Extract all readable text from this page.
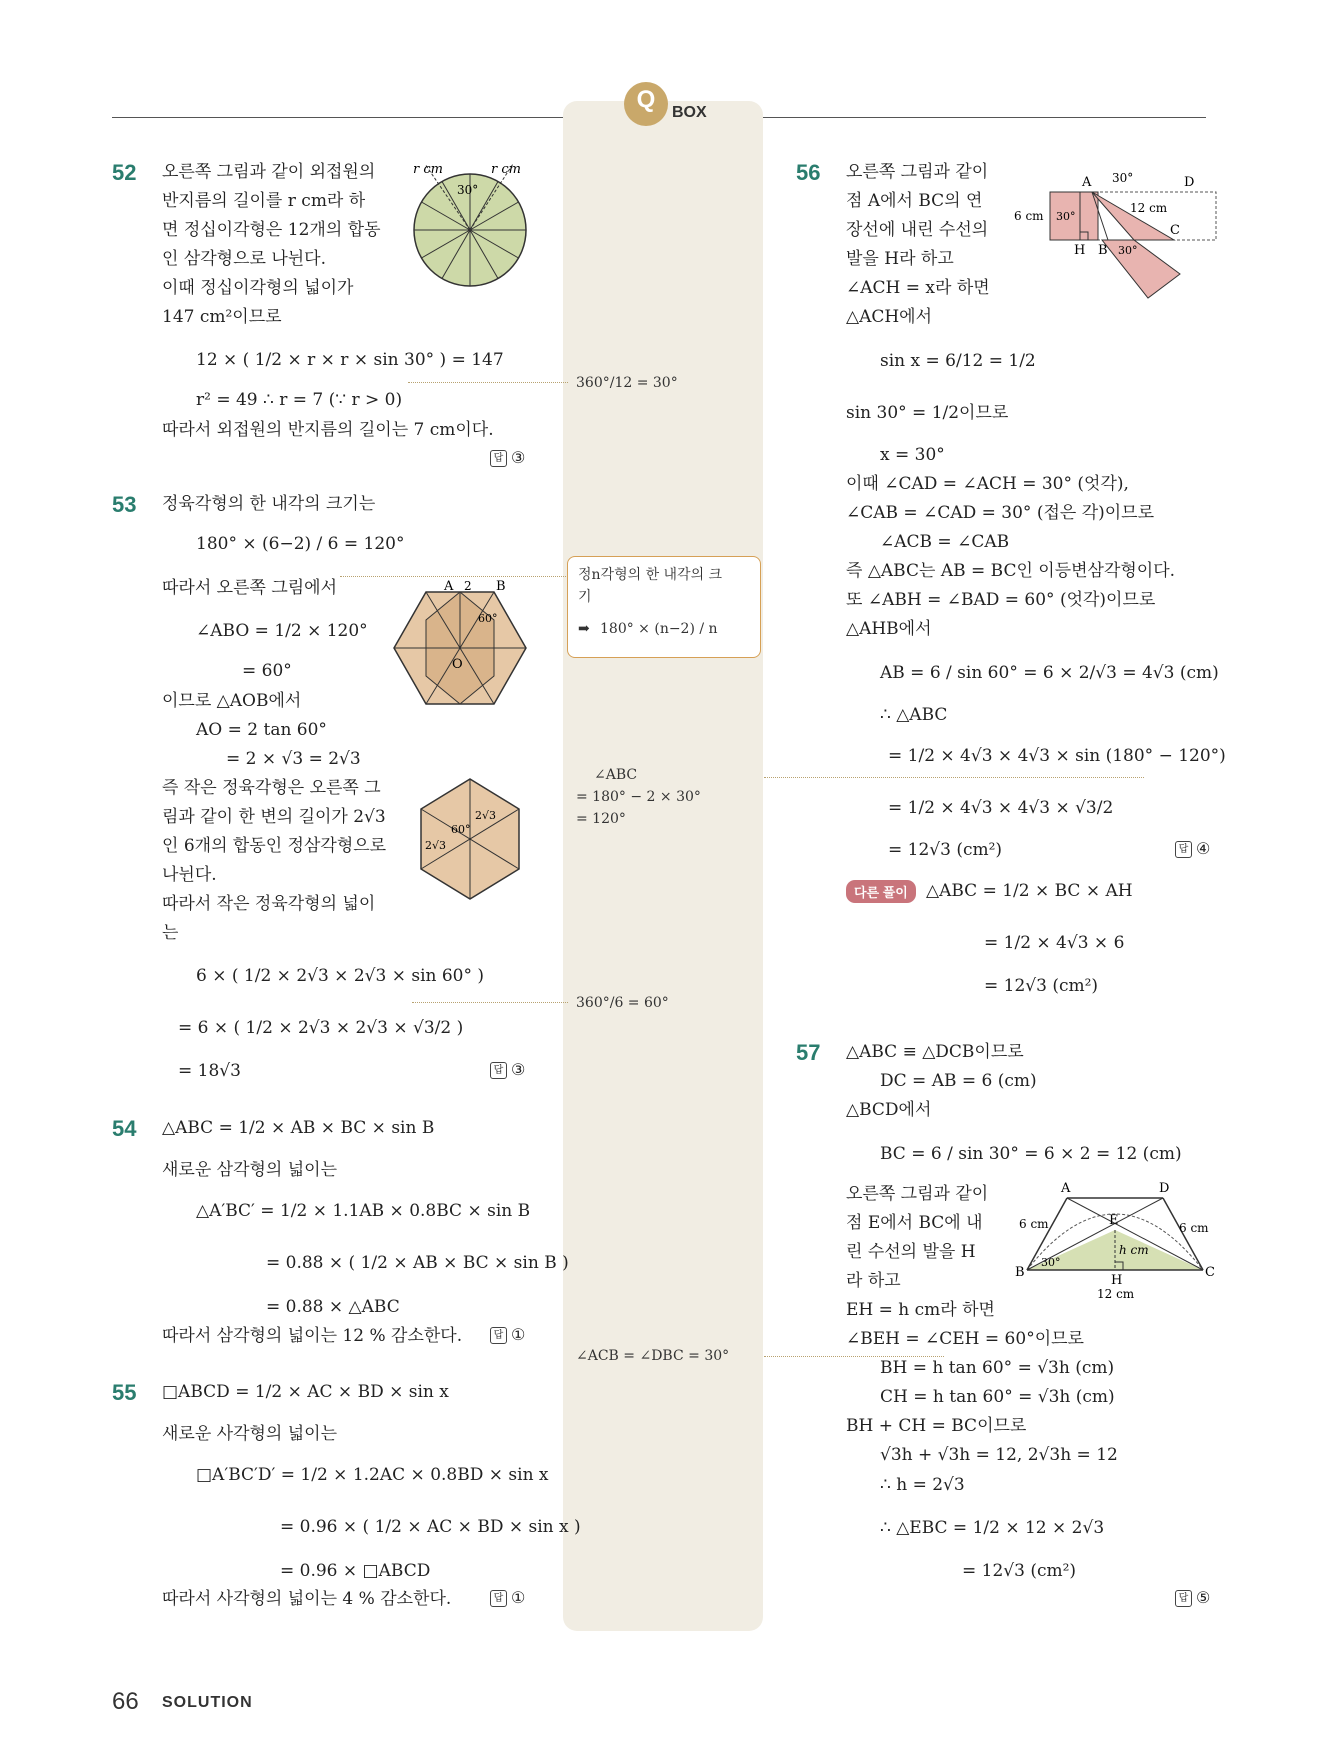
Q	BOX
52 오른쪽 그림과 같이 외접원의
반지름의 길이를 r cm라 하
면 정십이각형은 12개의 합동
인 삼각형으로 나뉜다.
이때 정십이각형의 넓이가
147 cm²이므로
12 × ( 1/2 × r × r × sin 30° ) = 147
r² = 49 ∴ r = 7 (∵ r > 0)
따라서 외접원의 반지름의 길이는 7 cm이다.
답 ③
r cm	r cm
30°
53 정육각형의 한 내각의 크기는
180° × (6−2) / 6 = 120°
따라서 오른쪽 그림에서
∠ABO = 1/2 × 120°
= 60°
이므로 △AOB에서
AO = 2 tan 60°
= 2 × √3 = 2√3
즉 작은 정육각형은 오른쪽 그
림과 같이 한 변의 길이가 2√3
인 6개의 합동인 정삼각형으로
나뉜다.
따라서 작은 정육각형의 넓이
는
6 × ( 1/2 × 2√3 × 2√3 × sin 60° )
= 6 × ( 1/2 × 2√3 × 2√3 × √3/2 )
= 18√3	답 ③
A 2 B
60°
O
60°
2√3
2√3
54 △ABC = 1/2 × AB × BC × sin B
새로운 삼각형의 넓이는
△A′BC′ = 1/2 × 1.1AB × 0.8BC × sin B
= 0.88 × ( 1/2 × AB × BC × sin B )
= 0.88 × △ABC
따라서 삼각형의 넓이는 12 % 감소한다.	답 ①
55 □ABCD = 1/2 × AC × BD × sin x
새로운 사각형의 넓이는
□A′BC′D′ = 1/2 × 1.2AC × 0.8BD × sin x
= 0.96 × ( 1/2 × AC × BD × sin x )
= 0.96 × □ABCD
따라서 사각형의 넓이는 4 % 감소한다.	답 ①
360°/12 = 30°
정n각형의 한 내각의 크
기
➡ 180° × (n−2) / n
∠ABC
= 180° − 2 × 30°
= 120°
360°/6 = 60°
∠ACB = ∠DBC = 30°
56 오른쪽 그림과 같이
점 A에서 BC의 연
장선에 내린 수선의
발을 H라 하고
∠ACH = x라 하면
△ACH에서
sin x = 6/12 = 1/2
sin 30° = 1/2이므로
x = 30°
이때 ∠CAD = ∠ACH = 30° (엇각),
∠CAB = ∠CAD = 30° (접은 각)이므로
∠ACB = ∠CAB
즉 △ABC는 AB = BC인 이등변삼각형이다.
또 ∠ABH = ∠BAD = 60° (엇각)이므로
△AHB에서
AB = 6 / sin 60° = 6 × 2/√3 = 4√3 (cm)
∴ △ABC
= 1/2 × 4√3 × 4√3 × sin (180° − 120°)
= 1/2 × 4√3 × 4√3 × √3/2
= 12√3 (cm²)	답 ④
다른 풀이	△ABC = 1/2 × BC × AH
= 1/2 × 4√3 × 6
= 12√3 (cm²)
A 30°	D
6 cm 30°
12 cm
C
H B 30°
57 △ABC ≡ △DCB이므로
DC = AB = 6 (cm)
△BCD에서
BC = 6 / sin 30° = 6 × 2 = 12 (cm)
오른쪽 그림과 같이
점 E에서 BC에 내
린 수선의 발을 H
라 하고
EH = h cm라 하면
∠BEH = ∠CEH = 60°이므로
BH = h tan 60° = √3h (cm)
CH = h tan 60° = √3h (cm)
BH + CH = BC이므로
√3h + √3h = 12, 2√3h = 12
∴ h = 2√3
∴ △EBC = 1/2 × 12 × 2√3
= 12√3 (cm²)
답 ⑤
A	D
E
6 cm	6 cm
h cm
30°
B	C
H
12 cm
66 SOLUTION
